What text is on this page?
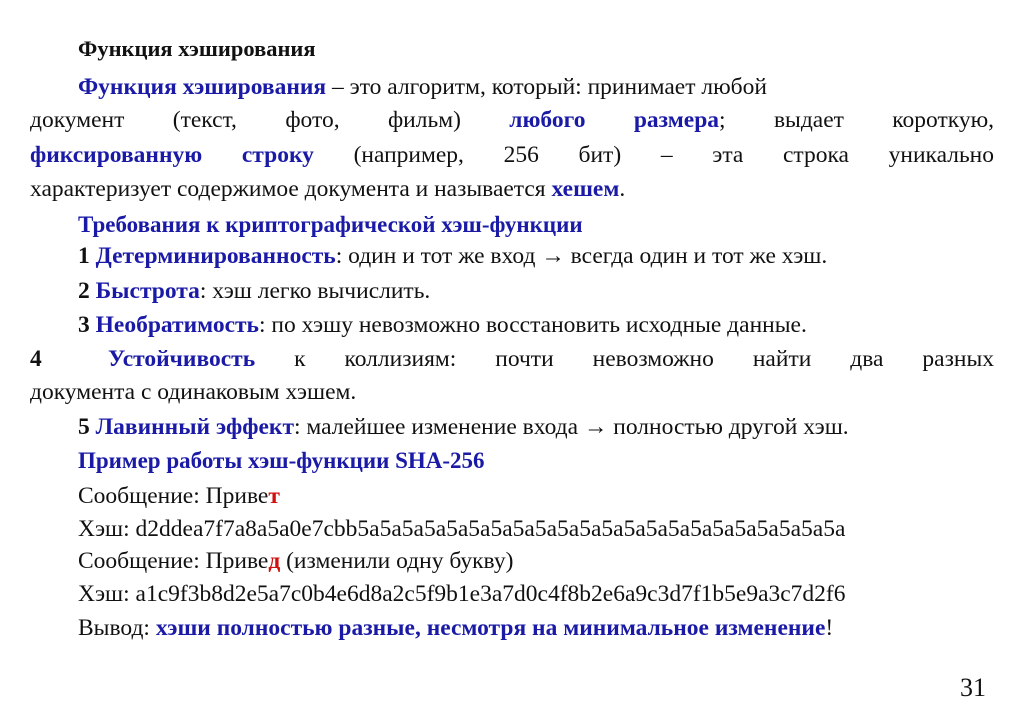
Функция хэширования
Функция хэширования – это алгоритм, который: принимает любой
документ (текст, фото, фильм) любого размера; выдает короткую,
фиксированную строку (например, 256 бит) – эта строка уникально
характеризует содержимое документа и называется хешем.
Требования к криптографической хэш-функции
1 Детерминированность: один и тот же вход → всегда один и тот же хэш.
2 Быстрота: хэш легко вычислить.
3 Необратимость: по хэшу невозможно восстановить исходные данные.
4	Устойчивость к коллизиям: почти невозможно найти два разных
документа с одинаковым хэшем.
5 Лавинный эффект: малейшее изменение входа → полностью другой хэш.
Пример работы хэш-функции SHA-256
Сообщение: Привет
Хэш: d2ddea7f7a8a5a0e7cbb5a5a5a5a5a5a5a5a5a5a5a5a5a5a5a5a5a5a5a5a5a5a
Сообщение: Привед (изменили одну букву)
Хэш: a1c9f3b8d2e5a7c0b4e6d8a2c5f9b1e3a7d0c4f8b2e6a9c3d7f1b5e9a3c7d2f6
Вывод: хэши полностью разные, несмотря на минимальное изменение!
31
